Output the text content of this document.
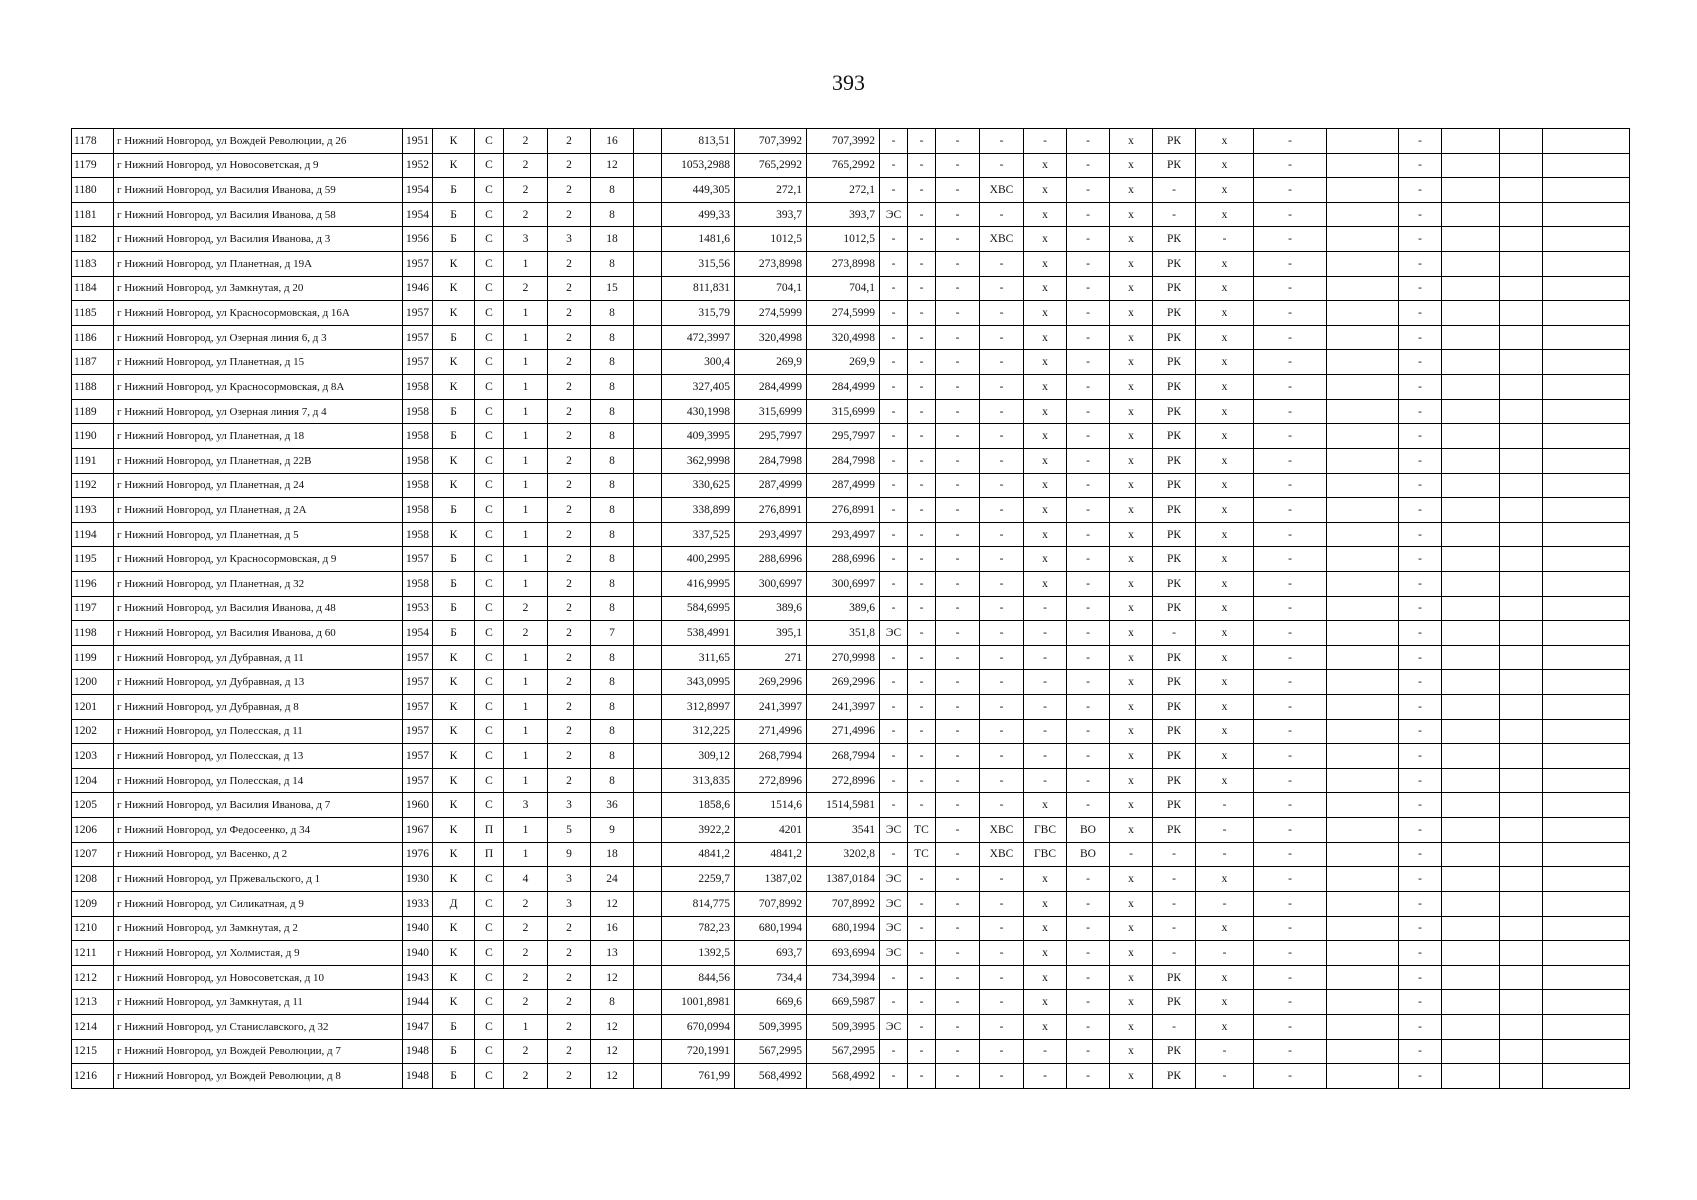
393
1178	г Нижний Новгород, ул Вождей Революции, д 26	1951	К	С	2	2	16		813,51	707,3992	707,3992	-	-	-	-	-	-	х	РК	х	-		-			
1179	г Нижний Новгород, ул Новосоветская, д 9	1952	К	С	2	2	12		1053,2988	765,2992	765,2992	-	-	-	-	х	-	х	РК	х	-		-			
1180	г Нижний Новгород, ул Василия Иванова, д 59	1954	Б	С	2	2	8		449,305	272,1	272,1	-	-	-	ХВС	х	-	х	-	х	-		-			
1181	г Нижний Новгород, ул Василия Иванова, д 58	1954	Б	С	2	2	8		499,33	393,7	393,7	ЭС	-	-	-	х	-	х	-	х	-		-			
1182	г Нижний Новгород, ул Василия Иванова, д 3	1956	Б	С	3	3	18		1481,6	1012,5	1012,5	-	-	-	ХВС	х	-	х	РК	-	-		-			
1183	г Нижний Новгород, ул Планетная, д 19А	1957	К	С	1	2	8		315,56	273,8998	273,8998	-	-	-	-	х	-	х	РК	х	-		-			
1184	г Нижний Новгород, ул Замкнутая, д 20	1946	К	С	2	2	15		811,831	704,1	704,1	-	-	-	-	х	-	х	РК	х	-		-			
1185	г Нижний Новгород, ул Красносормовская, д 16А	1957	К	С	1	2	8		315,79	274,5999	274,5999	-	-	-	-	х	-	х	РК	х	-		-			
1186	г Нижний Новгород, ул Озерная линия 6, д 3	1957	Б	С	1	2	8		472,3997	320,4998	320,4998	-	-	-	-	х	-	х	РК	х	-		-			
1187	г Нижний Новгород, ул Планетная, д 15	1957	К	С	1	2	8		300,4	269,9	269,9	-	-	-	-	х	-	х	РК	х	-		-			
1188	г Нижний Новгород, ул Красносормовская, д 8А	1958	К	С	1	2	8		327,405	284,4999	284,4999	-	-	-	-	х	-	х	РК	х	-		-			
1189	г Нижний Новгород, ул Озерная линия 7, д 4	1958	Б	С	1	2	8		430,1998	315,6999	315,6999	-	-	-	-	х	-	х	РК	х	-		-			
1190	г Нижний Новгород, ул Планетная, д 18	1958	Б	С	1	2	8		409,3995	295,7997	295,7997	-	-	-	-	х	-	х	РК	х	-		-			
1191	г Нижний Новгород, ул Планетная, д 22В	1958	К	С	1	2	8		362,9998	284,7998	284,7998	-	-	-	-	х	-	х	РК	х	-		-			
1192	г Нижний Новгород, ул Планетная, д 24	1958	К	С	1	2	8		330,625	287,4999	287,4999	-	-	-	-	х	-	х	РК	х	-		-			
1193	г Нижний Новгород, ул Планетная, д 2А	1958	Б	С	1	2	8		338,899	276,8991	276,8991	-	-	-	-	х	-	х	РК	х	-		-			
1194	г Нижний Новгород, ул Планетная, д 5	1958	К	С	1	2	8		337,525	293,4997	293,4997	-	-	-	-	х	-	х	РК	х	-		-			
1195	г Нижний Новгород, ул Красносормовская, д 9	1957	Б	С	1	2	8		400,2995	288,6996	288,6996	-	-	-	-	х	-	х	РК	х	-		-			
1196	г Нижний Новгород, ул Планетная, д 32	1958	Б	С	1	2	8		416,9995	300,6997	300,6997	-	-	-	-	х	-	х	РК	х	-		-			
1197	г Нижний Новгород, ул Василия Иванова, д 48	1953	Б	С	2	2	8		584,6995	389,6	389,6	-	-	-	-	-	-	х	РК	х	-		-			
1198	г Нижний Новгород, ул Василия Иванова, д 60	1954	Б	С	2	2	7		538,4991	395,1	351,8	ЭС	-	-	-	-	-	х	-	х	-		-			
1199	г Нижний Новгород, ул Дубравная, д 11	1957	К	С	1	2	8		311,65	271	270,9998	-	-	-	-	-	-	х	РК	х	-		-			
1200	г Нижний Новгород, ул Дубравная, д 13	1957	К	С	1	2	8		343,0995	269,2996	269,2996	-	-	-	-	-	-	х	РК	х	-		-			
1201	г Нижний Новгород, ул Дубравная, д 8	1957	К	С	1	2	8		312,8997	241,3997	241,3997	-	-	-	-	-	-	х	РК	х	-		-			
1202	г Нижний Новгород, ул Полесская, д 11	1957	К	С	1	2	8		312,225	271,4996	271,4996	-	-	-	-	-	-	х	РК	х	-		-			
1203	г Нижний Новгород, ул Полесская, д 13	1957	К	С	1	2	8		309,12	268,7994	268,7994	-	-	-	-	-	-	х	РК	х	-		-			
1204	г Нижний Новгород, ул Полесская, д 14	1957	К	С	1	2	8		313,835	272,8996	272,8996	-	-	-	-	-	-	х	РК	х	-		-			
1205	г Нижний Новгород, ул Василия Иванова, д 7	1960	К	С	3	3	36		1858,6	1514,6	1514,5981	-	-	-	-	х	-	х	РК	-	-		-			
1206	г Нижний Новгород, ул Федосеенко, д 34	1967	К	П	1	5	9		3922,2	4201	3541	ЭС	ТС	-	ХВС	ГВС	ВО	х	РК	-	-		-			
1207	г Нижний Новгород, ул Васенко, д 2	1976	К	П	1	9	18		4841,2	4841,2	3202,8	-	ТС	-	ХВС	ГВС	ВО	-	-	-	-		-			
1208	г Нижний Новгород, ул Пржевальского, д 1	1930	К	С	4	3	24		2259,7	1387,02	1387,0184	ЭС	-	-	-	х	-	х	-	х	-		-			
1209	г Нижний Новгород, ул Силикатная, д 9	1933	Д	С	2	3	12		814,775	707,8992	707,8992	ЭС	-	-	-	х	-	х	-	-	-		-			
1210	г Нижний Новгород, ул Замкнутая, д 2	1940	К	С	2	2	16		782,23	680,1994	680,1994	ЭС	-	-	-	х	-	х	-	х	-		-			
1211	г Нижний Новгород, ул Холмистая, д 9	1940	К	С	2	2	13		1392,5	693,7	693,6994	ЭС	-	-	-	х	-	х	-	-	-		-			
1212	г Нижний Новгород, ул Новосоветская, д 10	1943	К	С	2	2	12		844,56	734,4	734,3994	-	-	-	-	х	-	х	РК	х	-		-			
1213	г Нижний Новгород, ул Замкнутая, д 11	1944	К	С	2	2	8		1001,8981	669,6	669,5987	-	-	-	-	х	-	х	РК	х	-		-			
1214	г Нижний Новгород, ул Станиславского, д 32	1947	Б	С	1	2	12		670,0994	509,3995	509,3995	ЭС	-	-	-	х	-	х	-	х	-		-			
1215	г Нижний Новгород, ул Вождей Революции, д 7	1948	Б	С	2	2	12		720,1991	567,2995	567,2995	-	-	-	-	-	-	х	РК	-	-		-			
1216	г Нижний Новгород, ул Вождей Революции, д 8	1948	Б	С	2	2	12		761,99	568,4992	568,4992	-	-	-	-	-	-	х	РК	-	-		-			
